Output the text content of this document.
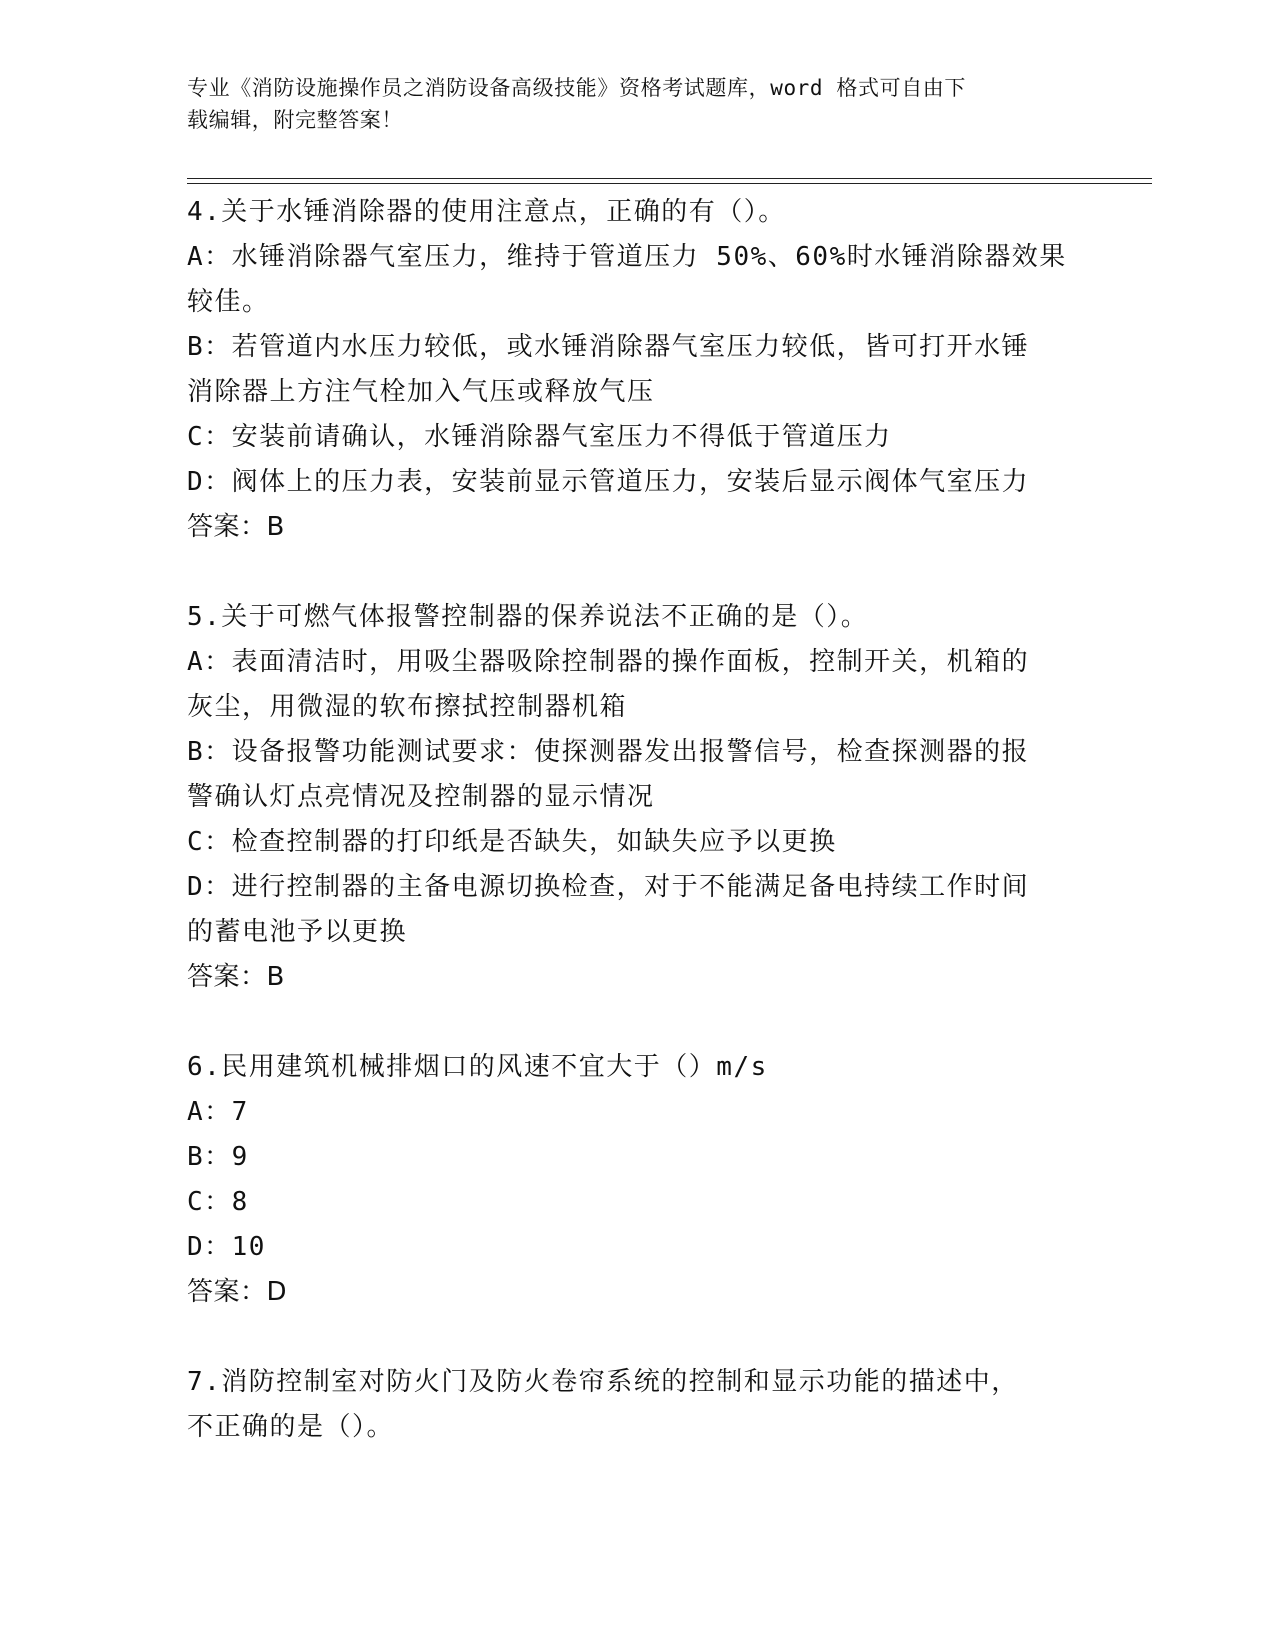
专业《消防设施操作员之消防设备高级技能》资格考试题库，word 格式可自由下
载编辑，附完整答案！
4.关于水锤消除器的使用注意点，正确的有（）。
A：水锤消除器气室压力，维持于管道压力 50%、60%时水锤消除器效果
较佳。
B：若管道内水压力较低，或水锤消除器气室压力较低，皆可打开水锤
消除器上方注气栓加入气压或释放气压
C：安装前请确认，水锤消除器气室压力不得低于管道压力
D：阀体上的压力表，安装前显示管道压力，安装后显示阀体气室压力
答案：B
5.关于可燃气体报警控制器的保养说法不正确的是（）。
A：表面清洁时，用吸尘器吸除控制器的操作面板，控制开关，机箱的
灰尘，用微湿的软布擦拭控制器机箱
B：设备报警功能测试要求：使探测器发出报警信号，检查探测器的报
警确认灯点亮情况及控制器的显示情况
C：检查控制器的打印纸是否缺失，如缺失应予以更换
D：进行控制器的主备电源切换检查，对于不能满足备电持续工作时间
的蓄电池予以更换
答案：B
6.民用建筑机械排烟口的风速不宜大于（）m/s
A：7
B：9
C：8
D：10
答案：D
7.消防控制室对防火门及防火卷帘系统的控制和显示功能的描述中，
不正确的是（）。
